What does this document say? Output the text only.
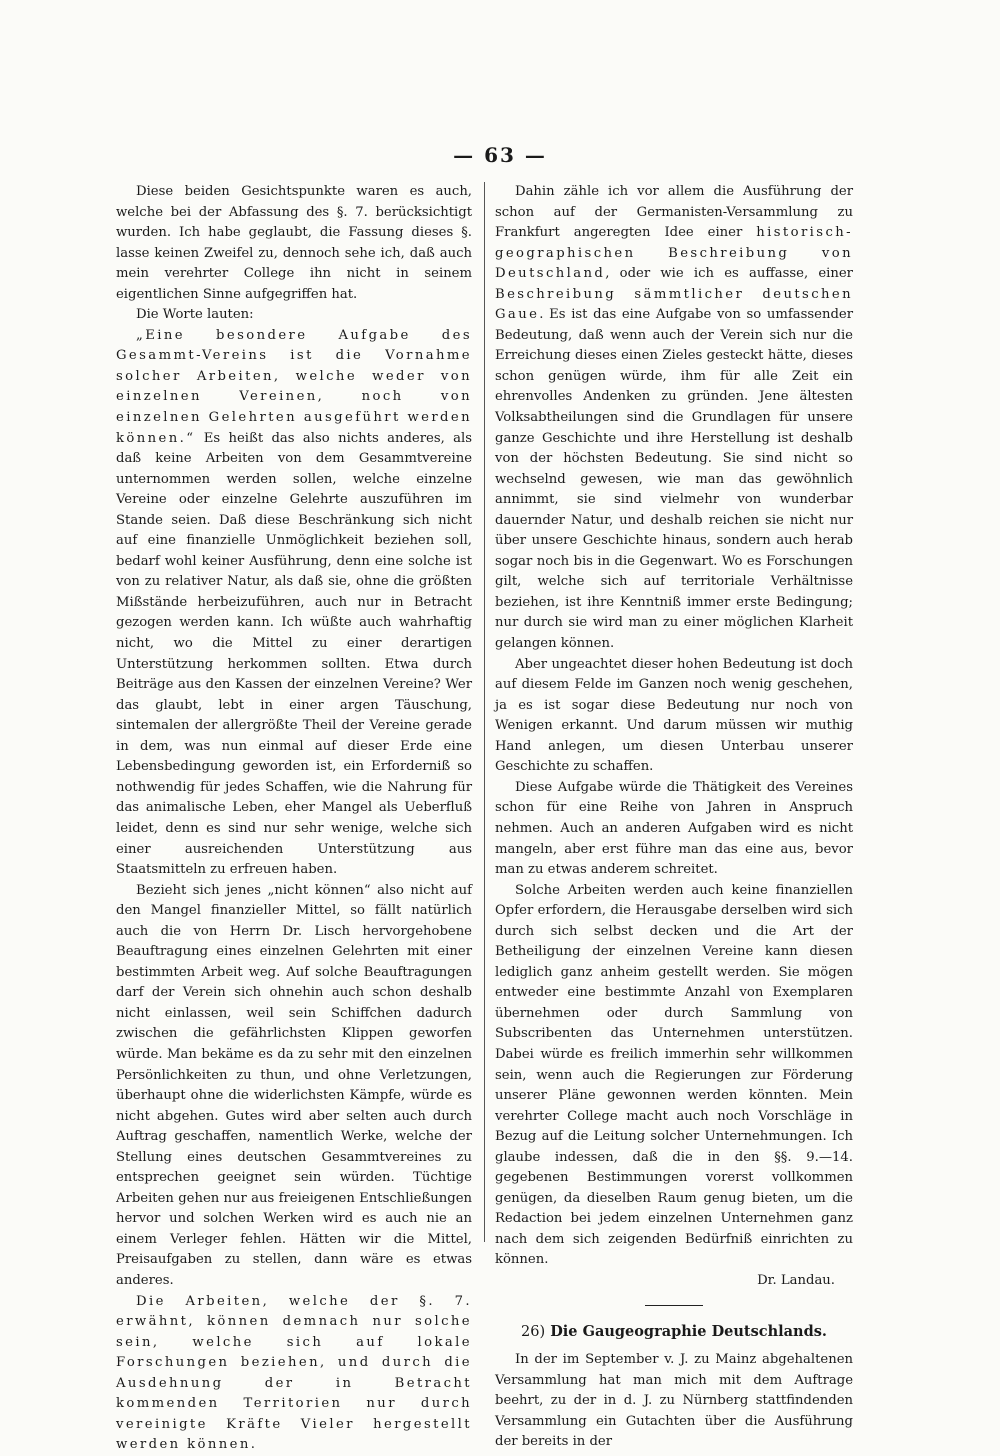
— 63 —

Diese beiden Gesichtspunkte waren es auch, welche bei der Abfassung des §. 7. berücksichtigt wurden. Ich habe geglaubt, die Fassung dieses §. lasse keinen Zweifel zu, dennoch sehe ich, daß auch mein verehrter College ihn nicht in seinem eigentlichen Sinne aufgegriffen hat.

Die Worte lauten:

„Eine besondere Aufgabe des Gesammt-Vereins ist die Vornahme solcher Arbeiten, welche weder von einzelnen Vereinen, noch von einzelnen Gelehrten ausgeführt werden können.“ Es heißt das also nichts anderes, als daß keine Arbeiten von dem Gesammtvereine unternommen werden sollen, welche einzelne Vereine oder einzelne Gelehrte auszuführen im Stande seien. Daß diese Beschränkung sich nicht auf eine finanzielle Unmöglichkeit beziehen soll, bedarf wohl keiner Ausführung, denn eine solche ist von zu relativer Natur, als daß sie, ohne die größten Mißstände herbeizuführen, auch nur in Betracht gezogen werden kann. Ich wüßte auch wahrhaftig nicht, wo die Mittel zu einer derartigen Unterstützung herkommen sollten. Etwa durch Beiträge aus den Kassen der einzelnen Vereine? Wer das glaubt, lebt in einer argen Täuschung, sintemalen der allergrößte Theil der Vereine gerade in dem, was nun einmal auf dieser Erde eine Lebensbedingung geworden ist, ein Erforderniß so nothwendig für jedes Schaffen, wie die Nahrung für das animalische Leben, eher Mangel als Ueberfluß leidet, denn es sind nur sehr wenige, welche sich einer ausreichenden Unterstützung aus Staatsmitteln zu erfreuen haben.

Bezieht sich jenes „nicht können“ also nicht auf den Mangel finanzieller Mittel, so fällt natürlich auch die von Herrn Dr. Lisch hervorgehobene Beauftragung eines einzelnen Gelehrten mit einer bestimmten Arbeit weg. Auf solche Beauftragungen darf der Verein sich ohnehin auch schon deshalb nicht einlassen, weil sein Schiffchen dadurch zwischen die gefährlichsten Klippen geworfen würde. Man bekäme es da zu sehr mit den einzelnen Persönlichkeiten zu thun, und ohne Verletzungen, überhaupt ohne die widerlichsten Kämpfe, würde es nicht abgehen. Gutes wird aber selten auch durch Auftrag geschaffen, namentlich Werke, welche der Stellung eines deutschen Gesammtvereines zu entsprechen geeignet sein würden. Tüchtige Arbeiten gehen nur aus freieigenen Entschließungen hervor und solchen Werken wird es auch nie an einem Verleger fehlen. Hätten wir die Mittel, Preisaufgaben zu stellen, dann wäre es etwas anderes.

Die Arbeiten, welche der §. 7. erwähnt, können demnach nur solche sein, welche sich auf lokale Forschungen beziehen, und durch die Ausdehnung der in Betracht kommenden Territorien nur durch vereinigte Kräfte Vieler hergestellt werden können.

Dahin zähle ich vor allem die Ausführung der schon auf der Germanisten-Versammlung zu Frankfurt angeregten Idee einer historisch-geographischen Beschreibung von Deutschland, oder wie ich es auffasse, einer Beschreibung sämmtlicher deutschen Gaue. Es ist das eine Aufgabe von so umfassender Bedeutung, daß wenn auch der Verein sich nur die Erreichung dieses einen Zieles gesteckt hätte, dieses schon genügen würde, ihm für alle Zeit ein ehrenvolles Andenken zu gründen. Jene ältesten Volksabtheilungen sind die Grundlagen für unsere ganze Geschichte und ihre Herstellung ist deshalb von der höchsten Bedeutung. Sie sind nicht so wechselnd gewesen, wie man das gewöhnlich annimmt, sie sind vielmehr von wunderbar dauernder Natur, und deshalb reichen sie nicht nur über unsere Geschichte hinaus, sondern auch herab sogar noch bis in die Gegenwart. Wo es Forschungen gilt, welche sich auf territoriale Verhältnisse beziehen, ist ihre Kenntniß immer erste Bedingung; nur durch sie wird man zu einer möglichen Klarheit gelangen können.

Aber ungeachtet dieser hohen Bedeutung ist doch auf diesem Felde im Ganzen noch wenig geschehen, ja es ist sogar diese Bedeutung nur noch von Wenigen erkannt. Und darum müssen wir muthig Hand anlegen, um diesen Unterbau unserer Geschichte zu schaffen.

Diese Aufgabe würde die Thätigkeit des Vereines schon für eine Reihe von Jahren in Anspruch nehmen. Auch an anderen Aufgaben wird es nicht mangeln, aber erst führe man das eine aus, bevor man zu etwas anderem schreitet.

Solche Arbeiten werden auch keine finanziellen Opfer erfordern, die Herausgabe derselben wird sich durch sich selbst decken und die Art der Betheiligung der einzelnen Vereine kann diesen lediglich ganz anheim gestellt werden. Sie mögen entweder eine bestimmte Anzahl von Exemplaren übernehmen oder durch Sammlung von Subscribenten das Unternehmen unterstützen. Dabei würde es freilich immerhin sehr willkommen sein, wenn auch die Regierungen zur Förderung unserer Pläne gewonnen werden könnten. Mein verehrter College macht auch noch Vorschläge in Bezug auf die Leitung solcher Unternehmungen. Ich glaube indessen, daß die in den §§. 9.—14. gegebenen Bestimmungen vorerst vollkommen genügen, da dieselben Raum genug bieten, um die Redaction bei jedem einzelnen Unternehmen ganz nach dem sich zeigenden Bedürfniß einrichten zu können.

Dr. Landau.

26) Die Gaugeographie Deutschlands.

In der im September v. J. zu Mainz abgehaltenen Versammlung hat man mich mit dem Auftrage beehrt, zu der in d. J. zu Nürnberg stattfindenden Versammlung ein Gutachten über die Ausführung der bereits in der
